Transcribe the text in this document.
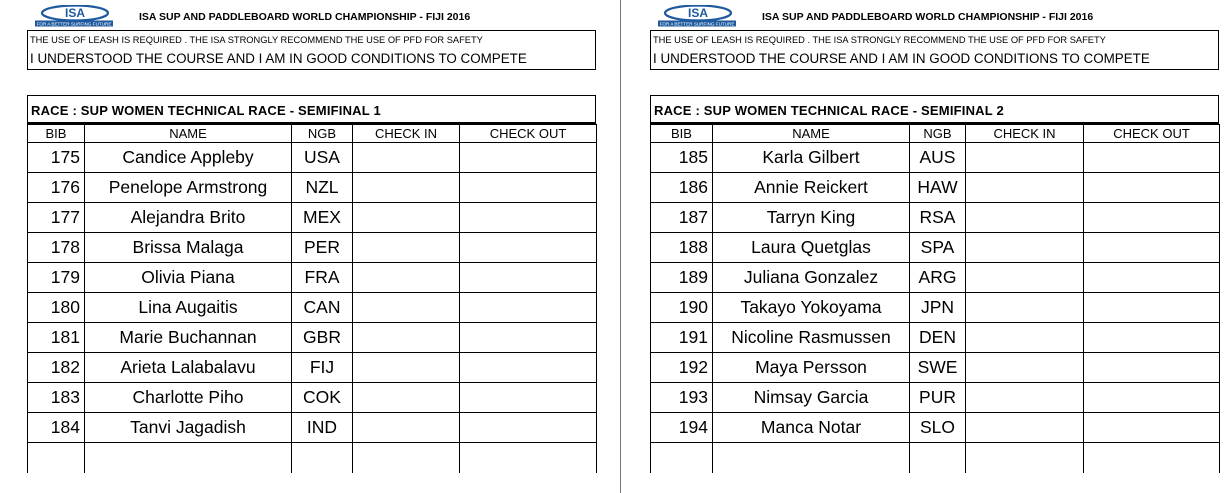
ISA
FOR A BETTER SURFING FUTURE
ISA SUP AND PADDLEBOARD WORLD CHAMPIONSHIP - FIJI 2016
THE USE OF LEASH IS REQUIRED . THE ISA STRONGLY RECOMMEND THE USE OF PFD FOR SAFETY
I UNDERSTOOD THE COURSE AND I AM IN GOOD CONDITIONS TO COMPETE
RACE : SUP WOMEN TECHNICAL RACE - SEMIFINAL 1
BIB	NAME	NGB	CHECK IN	CHECK OUT
175	Candice Appleby	USA		
176	Penelope Armstrong	NZL		
177	Alejandra Brito	MEX		
178	Brissa Malaga	PER		
179	Olivia Piana	FRA		
180	Lina Augaitis	CAN		
181	Marie Buchannan	GBR		
182	Arieta Lalabalavu	FIJ		
183	Charlotte Piho	COK		
184	Tanvi Jagadish	IND		

ISA
FOR A BETTER SURFING FUTURE
ISA SUP AND PADDLEBOARD WORLD CHAMPIONSHIP - FIJI 2016
THE USE OF LEASH IS REQUIRED . THE ISA STRONGLY RECOMMEND THE USE OF PFD FOR SAFETY
I UNDERSTOOD THE COURSE AND I AM IN GOOD CONDITIONS TO COMPETE
RACE : SUP WOMEN TECHNICAL RACE - SEMIFINAL 2
BIB	NAME	NGB	CHECK IN	CHECK OUT
185	Karla Gilbert	AUS		
186	Annie Reickert	HAW		
187	Tarryn King	RSA		
188	Laura Quetglas	SPA		
189	Juliana Gonzalez	ARG		
190	Takayo Yokoyama	JPN		
191	Nicoline Rasmussen	DEN		
192	Maya Persson	SWE		
193	Nimsay Garcia	PUR		
194	Manca Notar	SLO		
